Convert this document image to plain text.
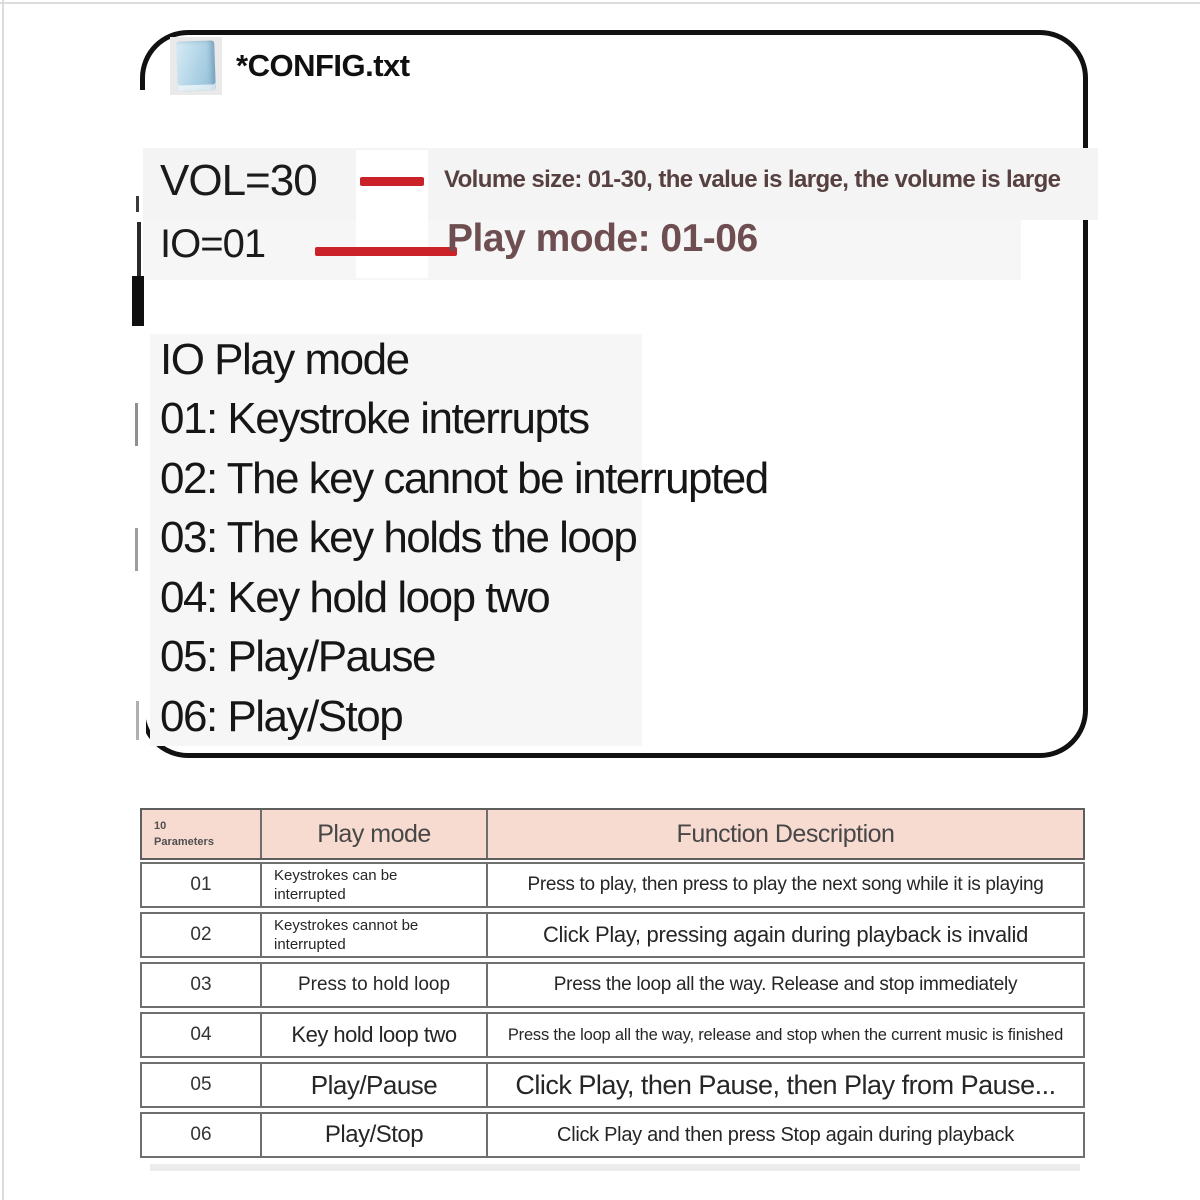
*CONFIG.txt
VOL=30	Volume size: 01-30, the value is large, the volume is large
IO=01	Play mode: 01-06
IO Play mode
01: Keystroke interrupts
02: The key cannot be interrupted
03: The key holds the loop
04: Key hold loop two
05: Play/Pause
06: Play/Stop
10
Parameters	Play mode	Function Description
01	Keystrokes can be interrupted	Press to play, then press to play the next song while it is playing
02	Keystrokes cannot be interrupted	Click Play, pressing again during playback is invalid
03	Press to hold loop	Press the loop all the way. Release and stop immediately
04	Key hold loop two	Press the loop all the way, release and stop when the current music is finished
05	Play/Pause	Click Play, then Pause, then Play from Pause...
06	Play/Stop	Click Play and then press Stop again during playback
